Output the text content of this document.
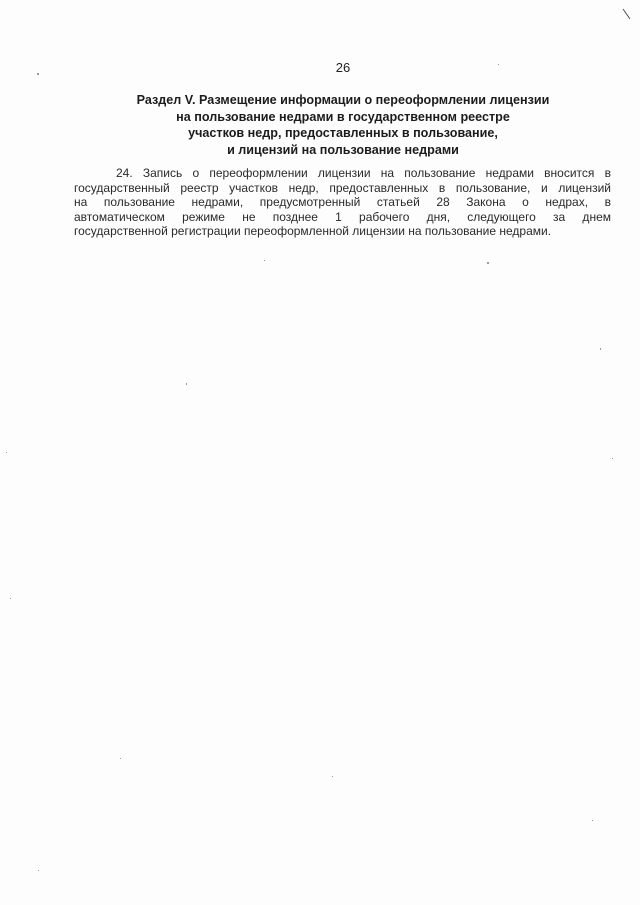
26
Раздел V. Размещение информации о переоформлении лицензии
на пользование недрами в государственном реестре
участков недр, предоставленных в пользование,
и лицензий на пользование недрами
24. Запись о переоформлении лицензии на пользование недрами вносится в
государственный реестр участков недр, предоставленных в пользование, и лицензий
на пользование недрами, предусмотренный статьей 28 Закона о недрах, в
автоматическом режиме не позднее 1 рабочего дня, следующего за днем
государственной регистрации переоформленной лицензии на пользование недрами.
